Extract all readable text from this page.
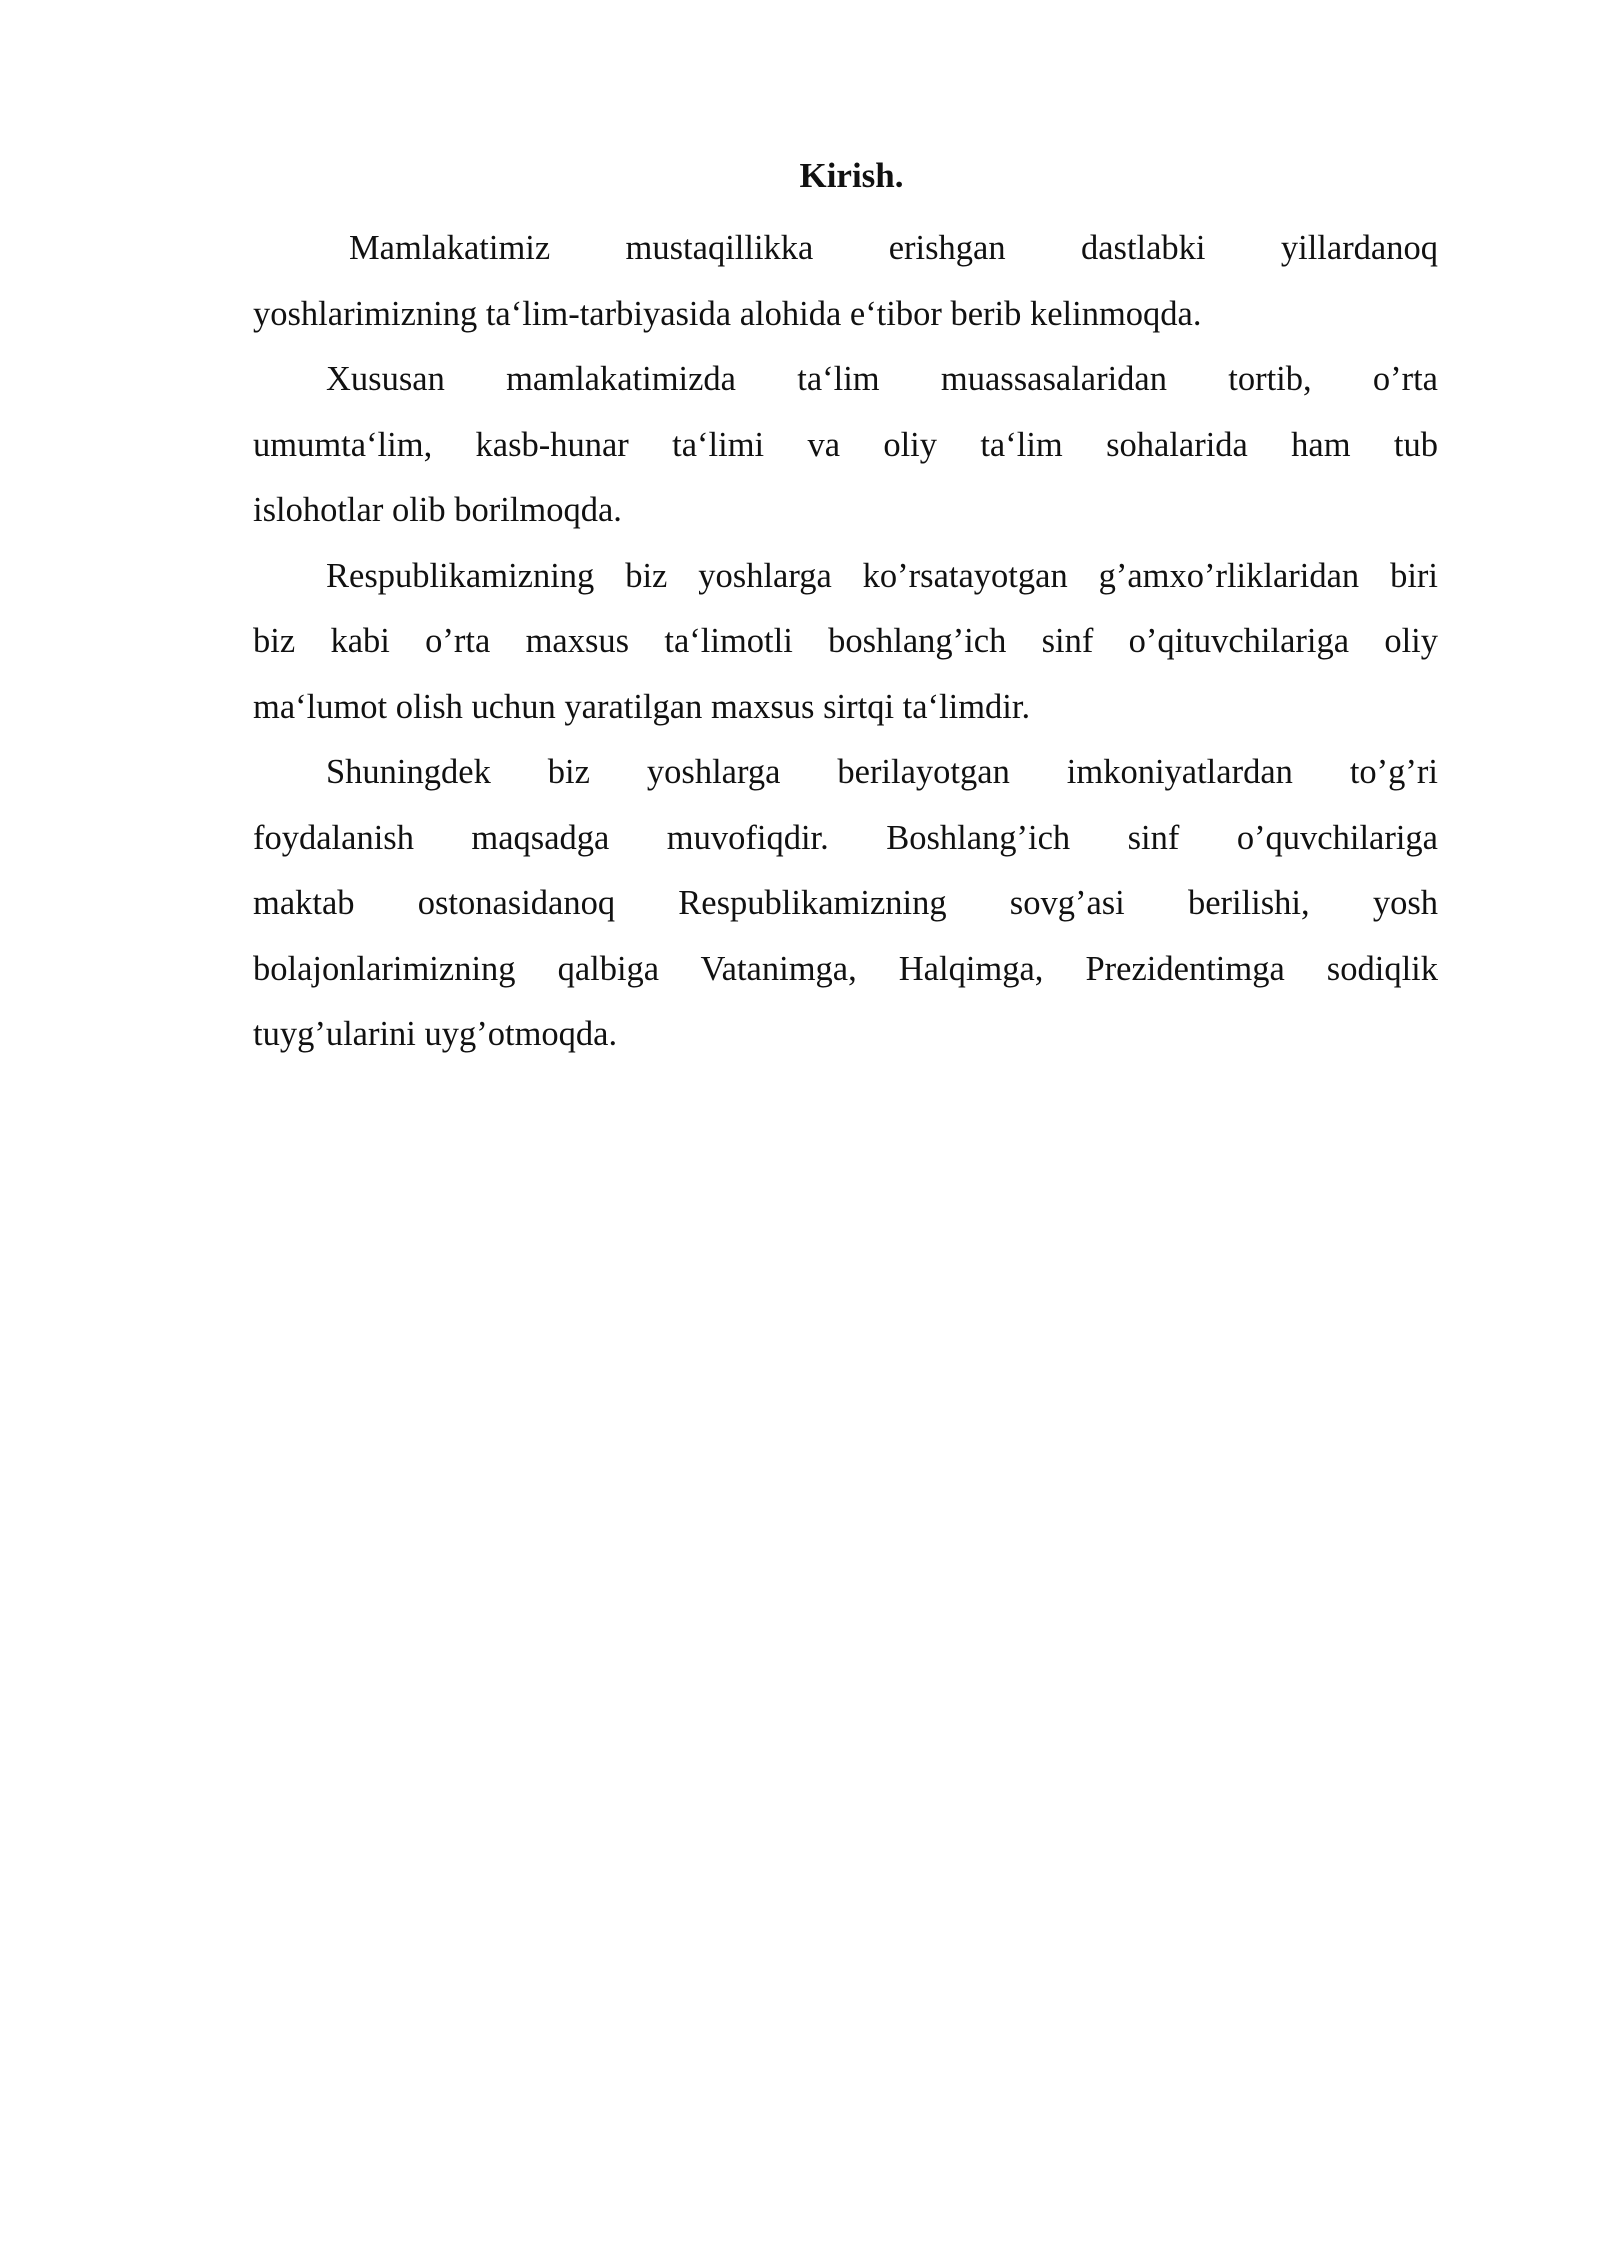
Kirish.
Mamlakatimiz mustaqillikka erishgan dastlabki yillardanoq
yoshlarimizning ta‘lim-tarbiyasida alohida e‘tibor berib kelinmoqda.
Xususan mamlakatimizda ta‘lim muassasalaridan tortib, o’rta
umumta‘lim, kasb-hunar ta‘limi va oliy ta‘lim sohalarida ham tub
islohotlar olib borilmoqda.
Respublikamizning biz yoshlarga ko’rsatayotgan g’amxo’rliklaridan biri
biz kabi o’rta maxsus ta‘limotli boshlang’ich sinf o’qituvchilariga oliy
ma‘lumot olish uchun yaratilgan maxsus sirtqi ta‘limdir.
Shuningdek biz yoshlarga berilayotgan imkoniyatlardan to’g’ri
foydalanish maqsadga muvofiqdir. Boshlang’ich sinf o’quvchilariga
maktab ostonasidanoq Respublikamizning sovg’asi berilishi, yosh
bolajonlarimizning qalbiga Vatanimga, Halqimga, Prezidentimga sodiqlik
tuyg’ularini uyg’otmoqda.
